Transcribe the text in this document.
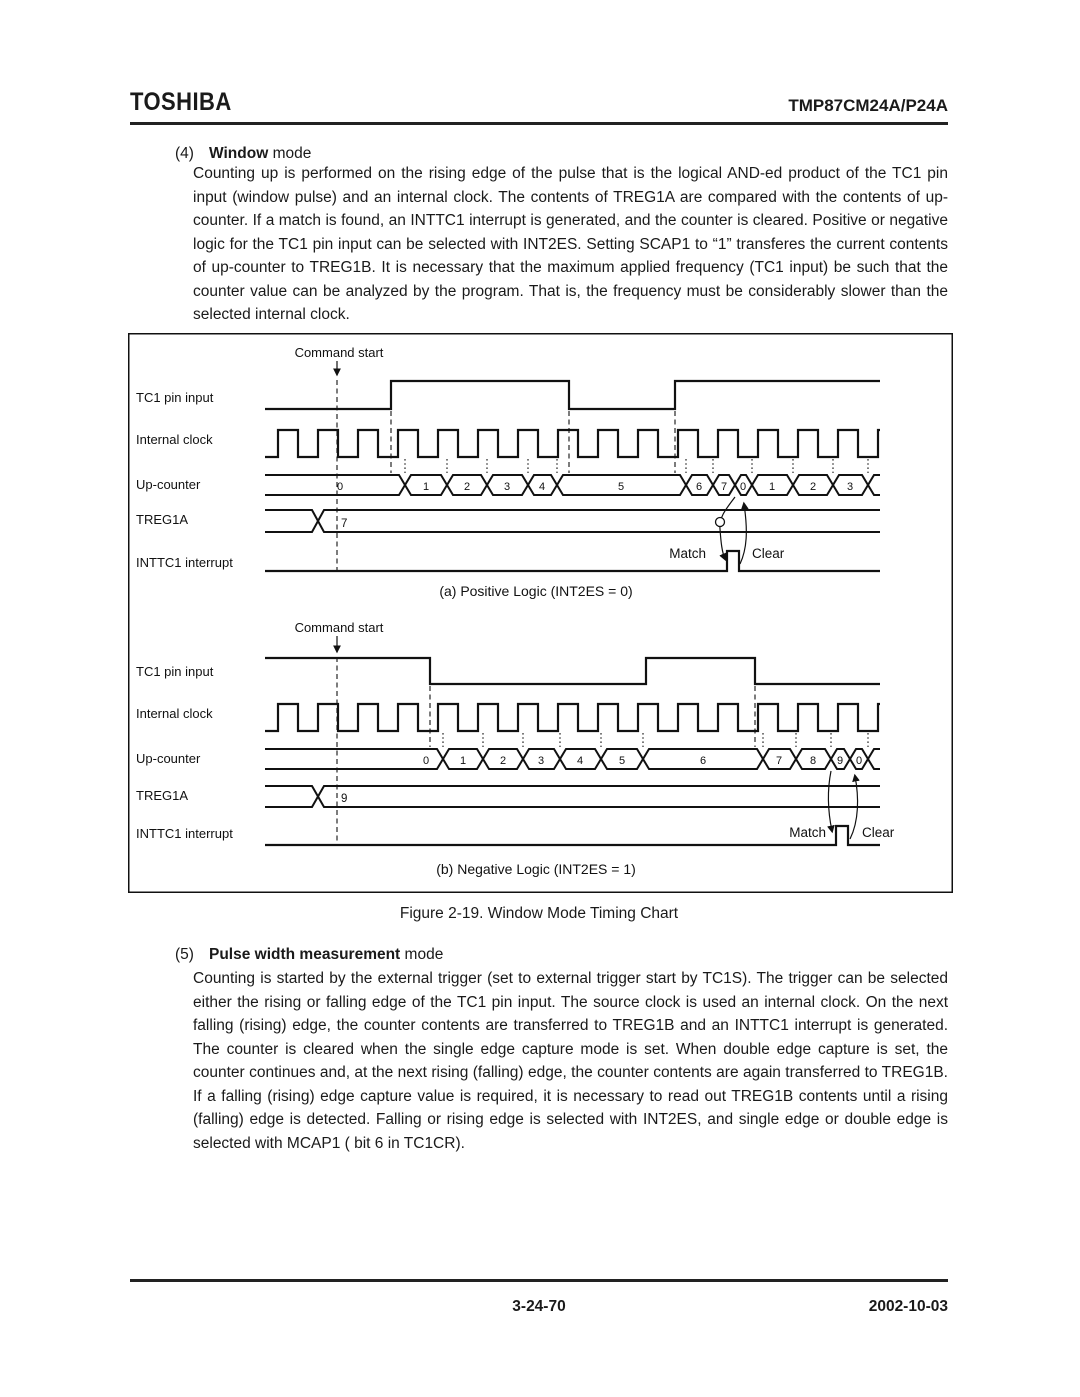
TOSHIBA	TMP87CM24A/P24A
(4) Window mode

Counting up is performed on the rising edge of the pulse that is the logical AND-ed product of the TC1 pin input (window pulse) and an internal clock. The contents of TREG1A are compared with the contents of up-counter. If a match is found, an INTTC1 interrupt is generated, and the counter is cleared. Positive or negative logic for the TC1 pin input can be selected with INT2ES. Setting SCAP1 to “1” transferes the current contents of up-counter to TREG1B. It is necessary that the maximum applied frequency (TC1 input) be such that the counter value can be analyzed by the program. That is, the frequency must be considerably slower than the selected internal clock.

Command start
TC1 pin input
Internal clock
Up-counter
TREG1A
INTTC1 interrupt
0	1	2	3	4	5	6 7 0 1	2	3
7
Match	Clear
(a) Positive Logic (INT2ES = 0)
Command start
TC1 pin input
Internal clock
Up-counter
TREG1A
INTTC1 interrupt
0	1	2	3	4	5	6	7	8 9 0
9
Match	Clear
(b) Negative Logic (INT2ES = 1)
Figure 2-19. Window Mode Timing Chart
(5) Pulse width measurement mode

Counting is started by the external trigger (set to external trigger start by TC1S). The trigger can be selected either the rising or falling edge of the TC1 pin input. The source clock is used an internal clock. On the next falling (rising) edge, the counter contents are transferred to TREG1B and an INTTC1 interrupt is generated. The counter is cleared when the single edge capture mode is set. When double edge capture is set, the counter continues and, at the next rising (falling) edge, the counter contents are again transferred to TREG1B. If a falling (rising) edge capture value is required, it is necessary to read out TREG1B contents until a rising (falling) edge is detected. Falling or rising edge is selected with INT2ES, and single edge or double edge is selected with MCAP1 ( bit 6 in TC1CR).

3-24-70	2002-10-03
